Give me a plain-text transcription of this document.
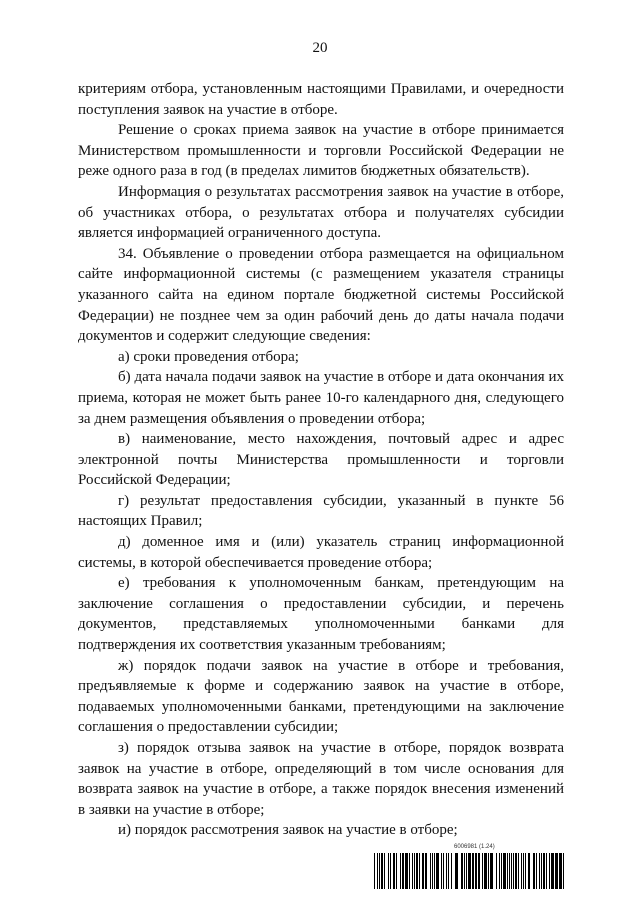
20

критериям отбора, установленным настоящими Правилами, и очередности поступления заявок на участие в отборе.

Решение о сроках приема заявок на участие в отборе принимается Министерством промышленности и торговли Российской Федерации не реже одного раза в год (в пределах лимитов бюджетных обязательств).

Информация о результатах рассмотрения заявок на участие в отборе, об участниках отбора, о результатах отбора и получателях субсидии является информацией ограниченного доступа.

34. Объявление о проведении отбора размещается на официальном сайте информационной системы (с размещением указателя страницы указанного сайта на едином портале бюджетной системы Российской Федерации) не позднее чем за один рабочий день до даты начала подачи документов и содержит следующие сведения:

а) сроки проведения отбора;

б) дата начала подачи заявок на участие в отборе и дата окончания их приема, которая не может быть ранее 10-го календарного дня, следующего за днем размещения объявления о проведении отбора;

в) наименование, место нахождения, почтовый адрес и адрес электронной почты Министерства промышленности и торговли Российской Федерации;

г) результат предоставления субсидии, указанный в пункте 56 настоящих Правил;

д) доменное имя и (или) указатель страниц информационной системы, в которой обеспечивается проведение отбора;

е) требования к уполномоченным банкам, претендующим на заключение соглашения о предоставлении субсидии, и перечень документов, представляемых уполномоченными банками для подтверждения их соответствия указанным требованиям;

ж) порядок подачи заявок на участие в отборе и требования, предъявляемые к форме и содержанию заявок на участие в отборе, подаваемых уполномоченными банками, претендующими на заключение соглашения о предоставлении субсидии;

з) порядок отзыва заявок на участие в отборе, порядок возврата заявок на участие в отборе, определяющий в том числе основания для возврата заявок на участие в отборе, а также порядок внесения изменений в заявки на участие в отборе;

и) порядок рассмотрения заявок на участие в отборе;

6006981 (1.24)
